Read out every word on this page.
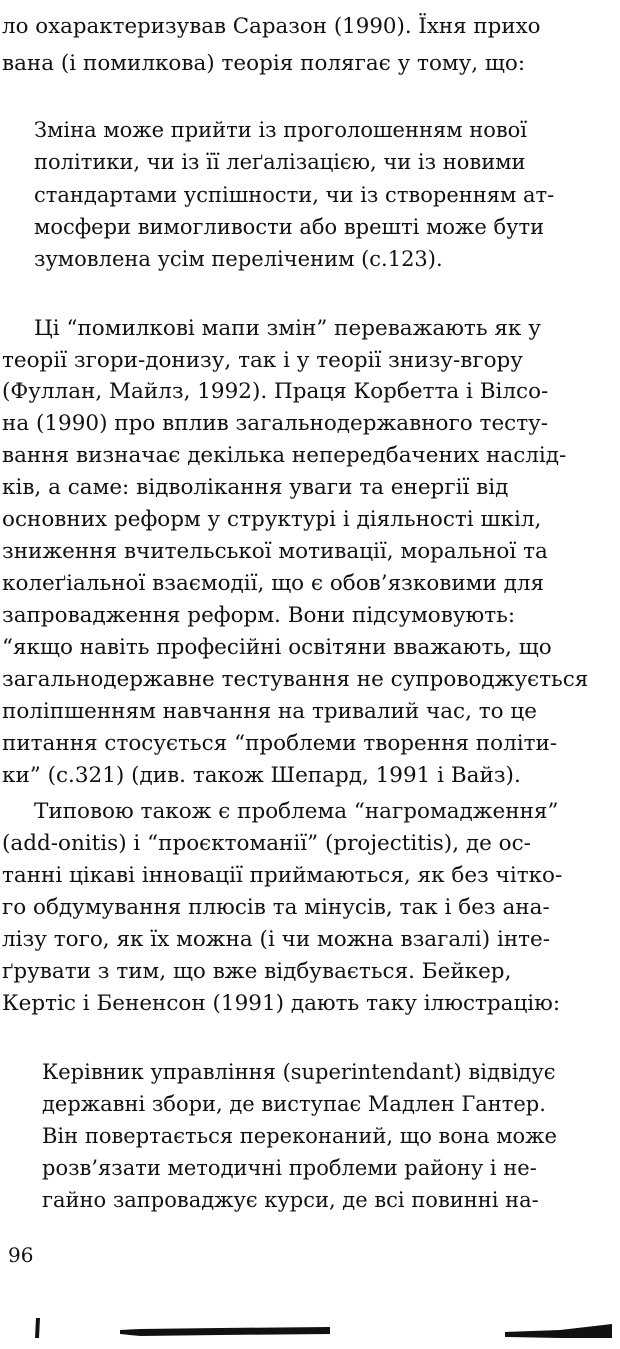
ло охарактеризував Саразон (1990). Їхня прихо
вана (і помилкова) теорія полягає у тому, що:
Зміна може прийти із проголошенням нової
політики, чи із її леґалізацією, чи із новими
стандартами успішности, чи із створенням ат-
мосфери вимогливости або врешті може бути
зумовлена усім переліченим (с.123).
Ці “помилкові мапи змін” переважають як у
теорії згори-донизу, так і у теорії знизу-вгору
(Фуллан, Майлз, 1992). Праця Корбетта і Вілсо-
на (1990) про вплив загальнодержавного тесту-
вання визначає декілька непередбачених наслід-
ків, а саме: відволікання уваги та енергії від
основних реформ у структурі і діяльності шкіл,
зниження вчительської мотивації, моральної та
колеґіальної взаємодії, що є обов’язковими для
запровадження реформ. Вони підсумовують:
“якщо навіть професійні освітяни вважають, що
загальнодержавне тестування не супроводжується
поліпшенням навчання на тривалий час, то це
питання стосується “проблеми творення політи-
ки” (с.321) (див. також Шепард, 1991 і Вайз).
Типовою також є проблема “нагромадження”
(add-onitis) і “проєктоманії” (projectitis), де ос-
танні цікаві інновації приймаються, як без чітко-
го обдумування плюсів та мінусів, так і без ана-
лізу того, як їх можна (і чи можна взагалі) інте-
ґрувати з тим, що вже відбувається. Бейкер,
Кертіс і Бененсон (1991) дають таку ілюстрацію:
Керівник управління (superintendant) відвідує
державні збори, де виступає Мадлен Гантер.
Він повертається переконаний, що вона може
розв’язати методичні проблеми району і не-
гайно запроваджує курси, де всі повинні на-
96
